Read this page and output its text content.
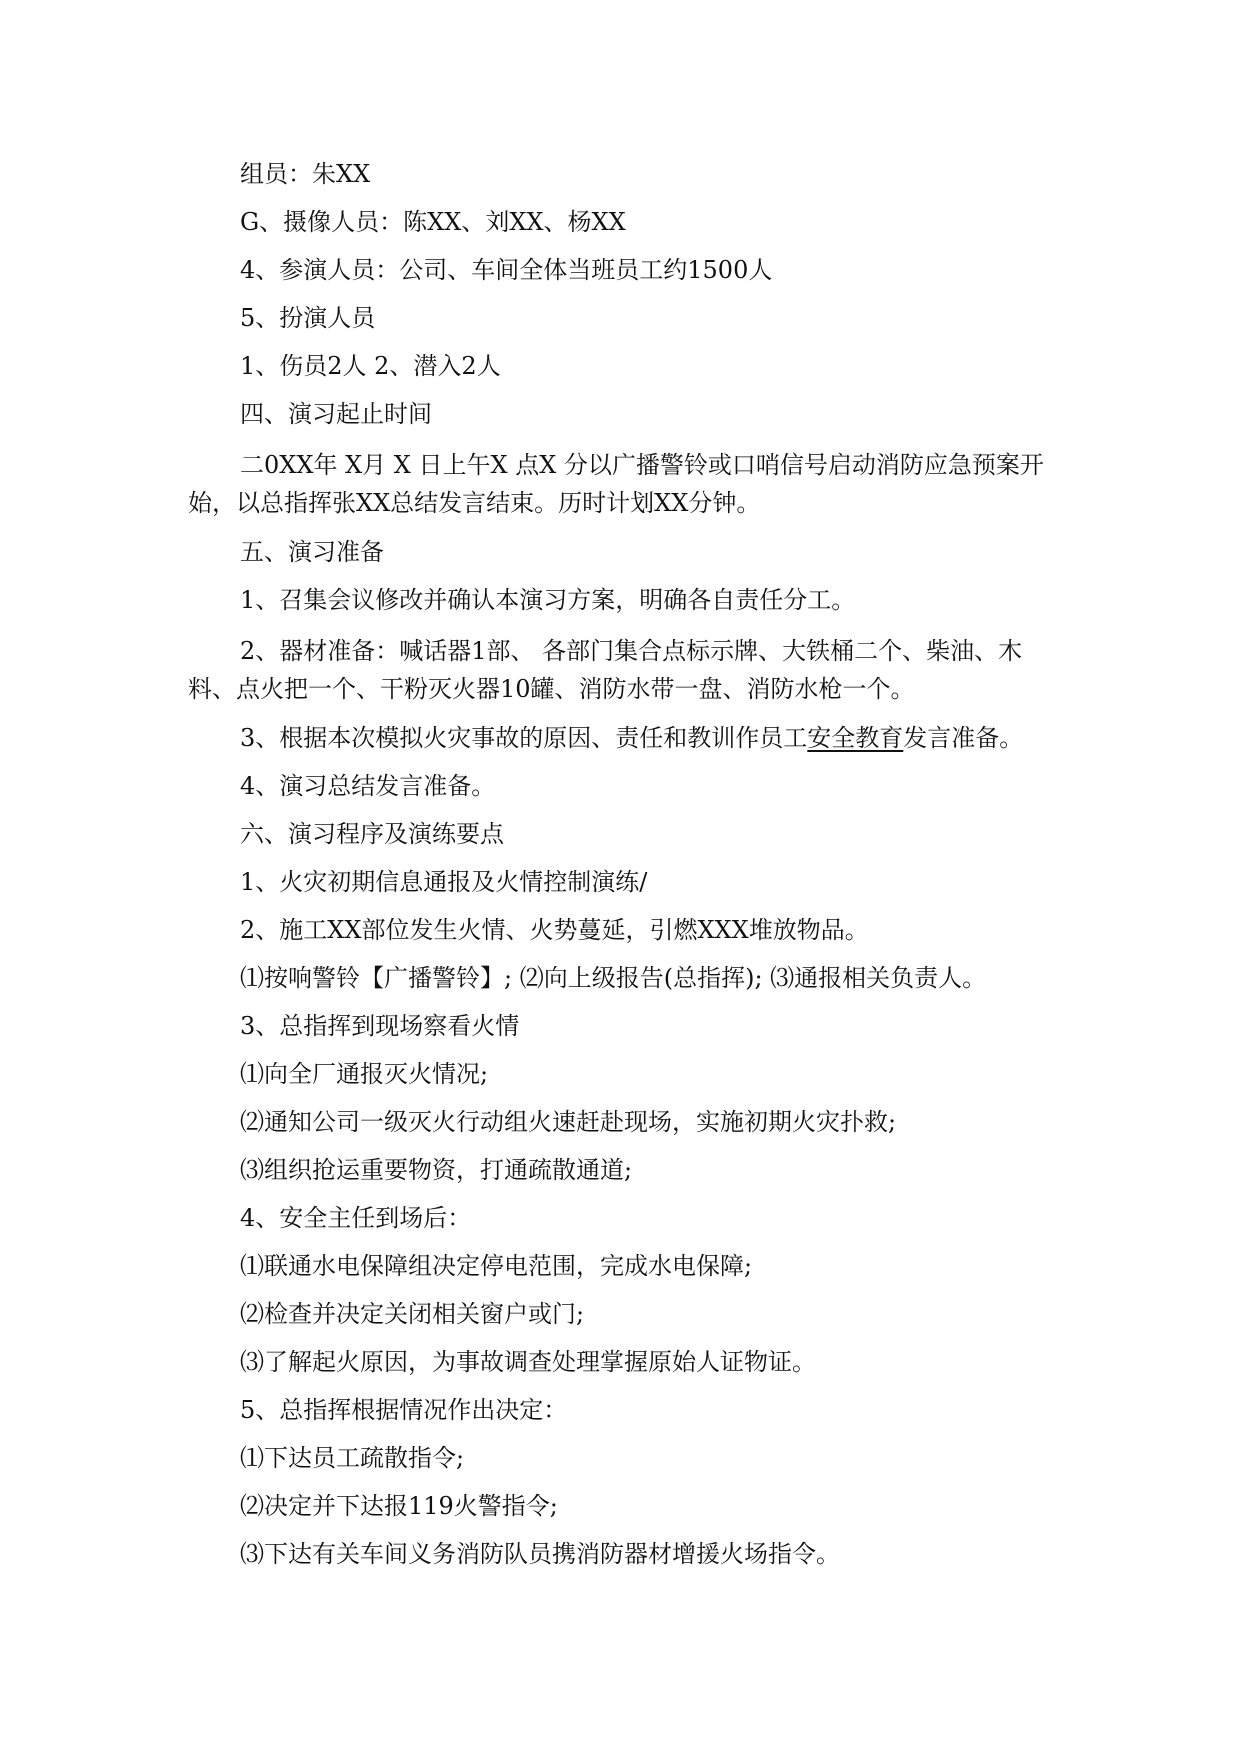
组员：朱XX

G、摄像人员：陈XX、刘XX、杨XX

4、参演人员：公司、车间全体当班员工约1500人

5、扮演人员

1、伤员2人 2、潜入2人

四、演习起止时间

二0XX年 X月 X 日上午X 点X 分以广播警铃或口哨信号启动消防应急预案开始，以总指挥张XX总结发言结束。历时计划XX分钟。

五、演习准备

1、召集会议修改并确认本演习方案，明确各自责任分工。

2、器材准备：喊话器1部、 各部门集合点标示牌、大铁桶二个、柴油、木料、点火把一个、干粉灭火器10罐、消防水带一盘、消防水枪一个。

3、根据本次模拟火灾事故的原因、责任和教训作员工安全教育发言准备。

4、演习总结发言准备。

六、演习程序及演练要点

1、火灾初期信息通报及火情控制演练/

2、施工XX部位发生火情、火势蔓延，引燃XXX堆放物品。

⑴按响警铃【广播警铃】; ⑵向上级报告(总指挥); ⑶通报相关负责人。

3、总指挥到现场察看火情

⑴向全厂通报灭火情况;

⑵通知公司一级灭火行动组火速赶赴现场，实施初期火灾扑救;

⑶组织抢运重要物资，打通疏散通道;

4、安全主任到场后：

⑴联通水电保障组决定停电范围，完成水电保障;

⑵检查并决定关闭相关窗户或门;

⑶了解起火原因，为事故调查处理掌握原始人证物证。

5、总指挥根据情况作出决定：

⑴下达员工疏散指令;

⑵决定并下达报119火警指令;

⑶下达有关车间义务消防队员携消防器材增援火场指令。
